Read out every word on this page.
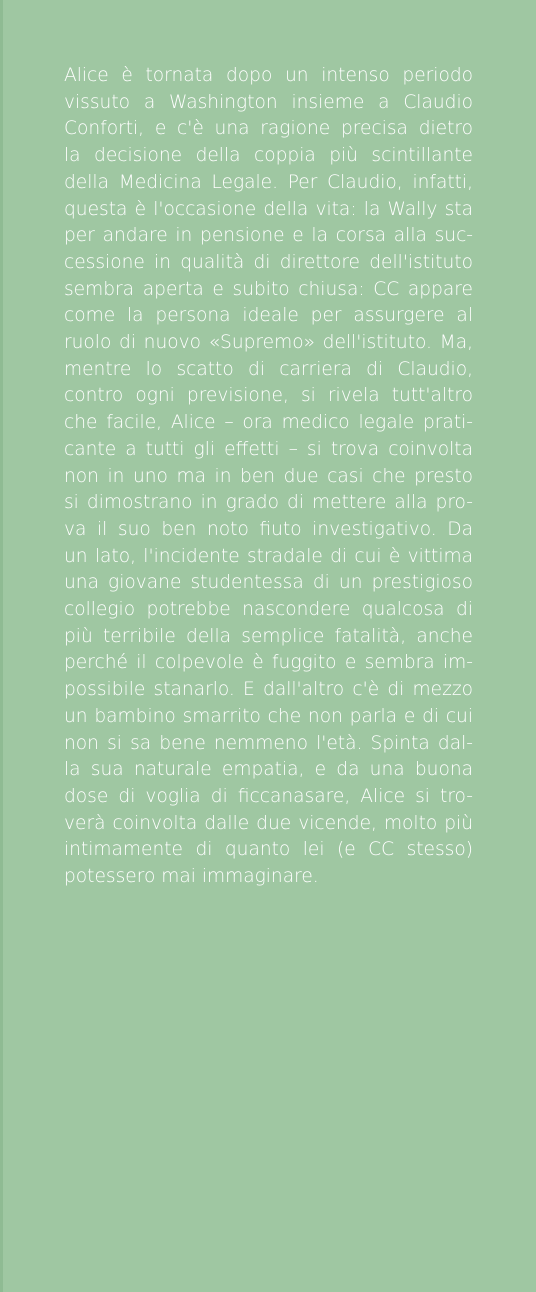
Alice è tornata dopo un intenso periodo
vissuto a Washington insieme a Claudio
Conforti, e c'è una ragione precisa dietro
la decisione della coppia più scintillante
della Medicina Legale. Per Claudio, infatti,
questa è l'occasione della vita: la Wally sta
per andare in pensione e la corsa alla suc-
cessione in qualità di direttore dell'istituto
sembra aperta e subito chiusa: CC appare
come la persona ideale per assurgere al
ruolo di nuovo «Supremo» dell'istituto. Ma,
mentre lo scatto di carriera di Claudio,
contro ogni previsione, si rivela tutt'altro
che facile, Alice – ora medico legale prati-
cante a tutti gli effetti – si trova coinvolta
non in uno ma in ben due casi che presto
si dimostrano in grado di mettere alla pro-
va il suo ben noto fiuto investigativo. Da
un lato, l'incidente stradale di cui è vittima
una giovane studentessa di un prestigioso
collegio potrebbe nascondere qualcosa di
più terribile della semplice fatalità, anche
perché il colpevole è fuggito e sembra im-
possibile stanarlo. E dall'altro c'è di mezzo
un bambino smarrito che non parla e di cui
non si sa bene nemmeno l'età. Spinta dal-
la sua naturale empatia, e da una buona
dose di voglia di ficcanasare, Alice si tro-
verà coinvolta dalle due vicende, molto più
intimamente di quanto lei (e CC stesso)
potessero mai immaginare.
